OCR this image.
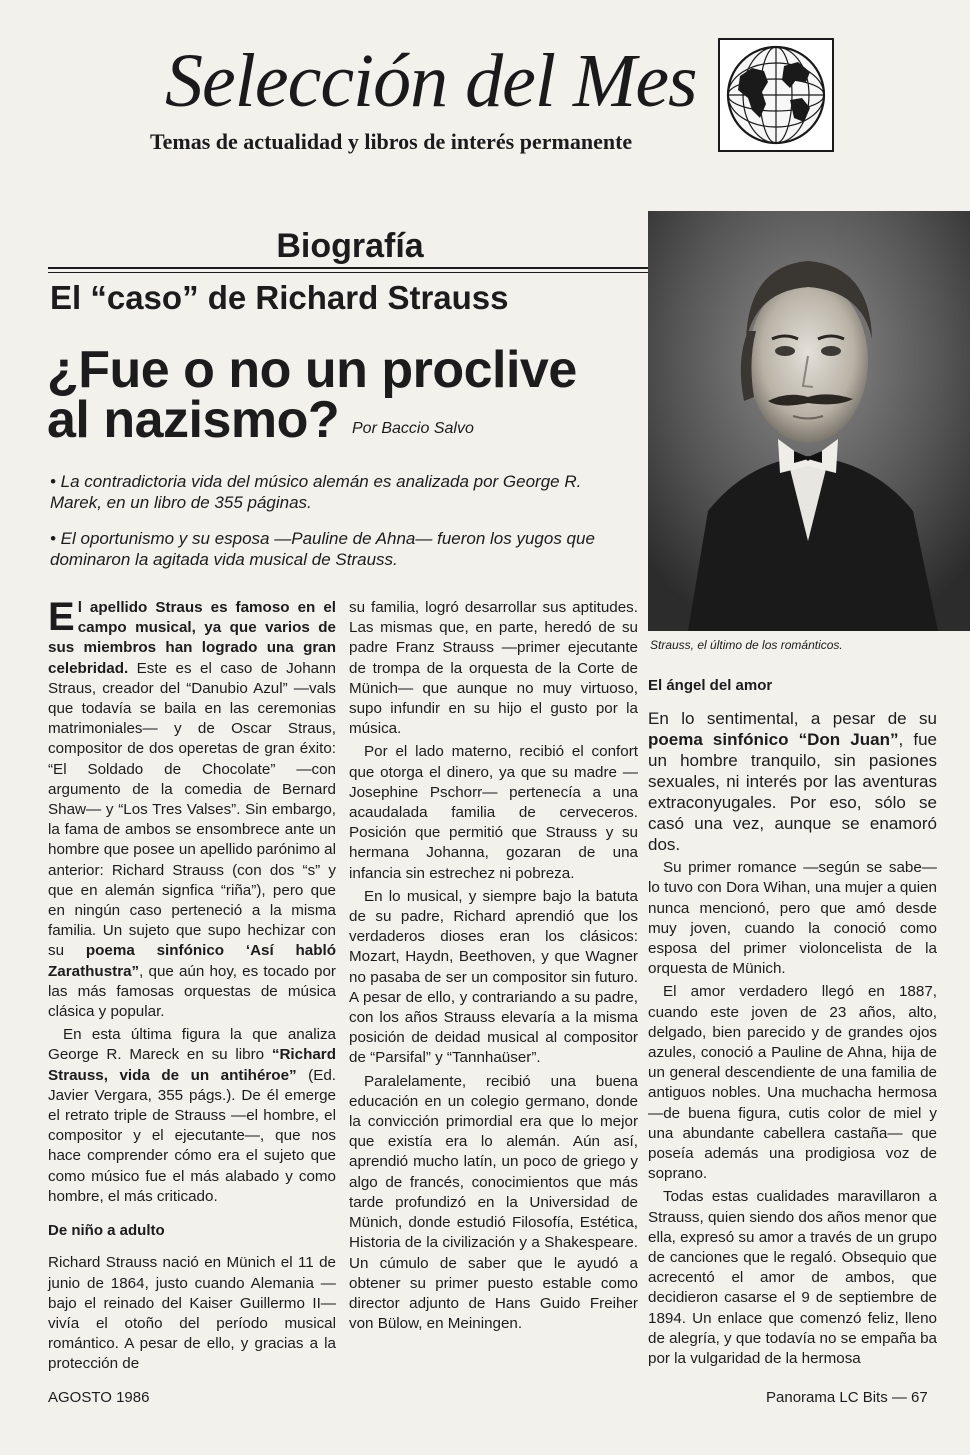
Selección del Mes
Temas de actualidad y libros de interés permanente
Biografía
El “caso” de Richard Strauss
¿Fue o no un proclive
al nazismo? Por Baccio Salvo
• La contradictoria vida del músico alemán es analizada por George R. Marek, en un libro de 355 páginas.
• El oportunismo y su esposa —Pauline de Ahna— fueron los yugos que dominaron la agitada vida musical de Strauss.
Strauss, el último de los románticos.

El apellido Straus es famoso en el campo musical, ya que varios de sus miembros han logrado una gran celebridad. Este es el caso de Johann Straus, creador del “Danubio Azul” —vals que todavía se baila en las ceremonias matrimoniales— y de Oscar Straus, compositor de dos operetas de gran éxito: “El Soldado de Chocolate” —con argumento de la comedia de Bernard Shaw— y “Los Tres Valses”. Sin embargo, la fama de ambos se ensombrece ante un hombre que posee un apellido parónimo al anterior: Richard Strauss (con dos “s” y que en alemán signfica “riña”), pero que en ningún caso perteneció a la misma familia. Un sujeto que supo hechizar con su poema sinfónico ‘Así habló Zarathustra”, que aún hoy, es tocado por las más famosas orquestas de música clásica y popular.

En esta última figura la que analiza George R. Mareck en su libro “Richard Strauss, vida de un antihéroe” (Ed. Javier Vergara, 355 págs.). De él emerge el retrato triple de Strauss —el hombre, el compositor y el ejecutante—, que nos hace comprender cómo era el sujeto que como músico fue el más alabado y como hombre, el más criticado.

De niño a adulto

Richard Strauss nació en Münich el 11 de junio de 1864, justo cuando Alemania —bajo el reinado del Kaiser Guillermo II— vivía el otoño del período musical romántico. A pesar de ello, y gracias a la protección de

su familia, logró desarrollar sus aptitudes. Las mismas que, en parte, heredó de su padre Franz Strauss —primer ejecutante de trompa de la orquesta de la Corte de Münich— que aunque no muy virtuoso, supo infundir en su hijo el gusto por la música.

Por el lado materno, recibió el confort que otorga el dinero, ya que su madre —Josephine Pschorr— pertenecía a una acaudalada familia de cerveceros. Posición que permitió que Strauss y su hermana Johanna, gozaran de una infancia sin estrechez ni pobreza.

En lo musical, y siempre bajo la batuta de su padre, Richard aprendió que los verdaderos dioses eran los clásicos: Mozart, Haydn, Beethoven, y que Wagner no pasaba de ser un compositor sin futuro. A pesar de ello, y contrariando a su padre, con los años Strauss elevaría a la misma posición de deidad musical al compositor de “Parsifal” y “Tannhaüser”.

Paralelamente, recibió una buena educación en un colegio germano, donde la convicción primordial era que lo mejor que existía era lo alemán. Aún así, aprendió mucho latín, un poco de griego y algo de francés, conocimientos que más tarde profundizó en la Universidad de Münich, donde estudió Filosofía, Estética, Historia de la civilización y a Shakespeare. Un cúmulo de saber que le ayudó a obtener su primer puesto estable como director adjunto de Hans Guido Freiher von Bülow, en Meiningen.

El ángel del amor

En lo sentimental, a pesar de su poema sinfónico “Don Juan”, fue un hombre tranquilo, sin pasiones sexuales, ni interés por las aventuras extraconyugales. Por eso, sólo se casó una vez, aunque se enamoró dos.

Su primer romance —según se sabe— lo tuvo con Dora Wihan, una mujer a quien nunca mencionó, pero que amó desde muy joven, cuando la conoció como esposa del primer violoncelista de la orquesta de Münich.

El amor verdadero llegó en 1887, cuando este joven de 23 años, alto, delgado, bien parecido y de grandes ojos azules, conoció a Pauline de Ahna, hija de un general descendiente de una familia de antiguos nobles. Una muchacha hermosa —de buena figura, cutis color de miel y una abundante cabellera castaña— que poseía además una prodigiosa voz de soprano.

Todas estas cualidades maravillaron a Strauss, quien siendo dos años menor que ella, expresó su amor a través de un grupo de canciones que le regaló. Obsequio que acrecentó el amor de ambos, que decidieron casarse el 9 de septiembre de 1894. Un enlace que comenzó feliz, lleno de alegría, y que todavía no se empaña ba por la vulgaridad de la hermosa

AGOSTO 1986	Panorama LC Bits — 67
